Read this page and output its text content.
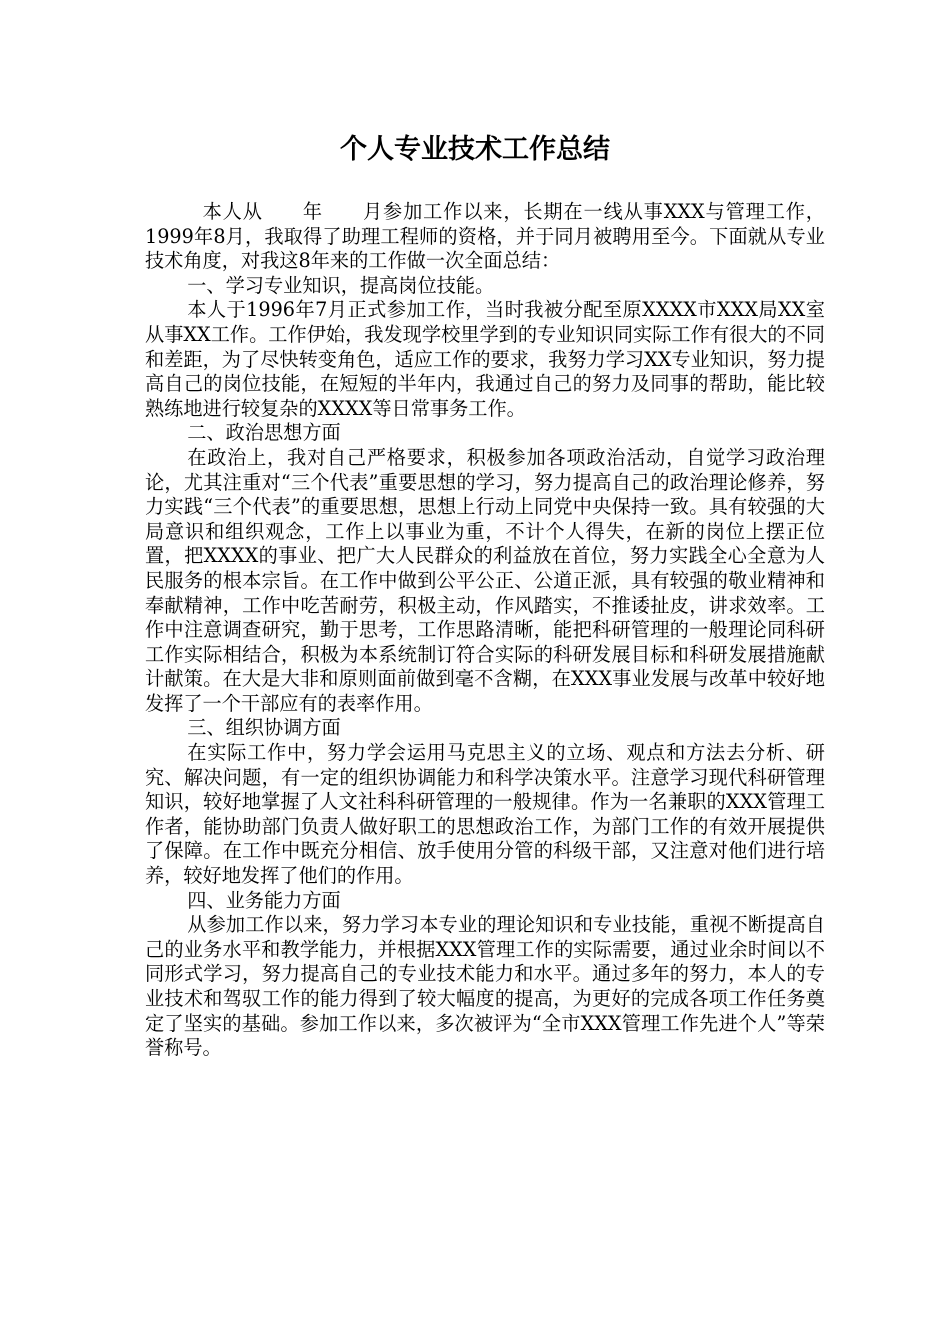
个人专业技术工作总结

本人从　　年　　月参加工作以来，长期在一线从事XXX与管理工作，1999年8月，我取得了助理工程师的资格，并于同月被聘用至今。下面就从专业技术角度，对我这8年来的工作做一次全面总结：

一、学习专业知识，提高岗位技能。

本人于1996年7月正式参加工作，当时我被分配至原XXXX市XXX局XX室从事XX工作。工作伊始，我发现学校里学到的专业知识同实际工作有很大的不同和差距，为了尽快转变角色，适应工作的要求，我努力学习XX专业知识，努力提高自己的岗位技能，在短短的半年内，我通过自己的努力及同事的帮助，能比较熟练地进行较复杂的XXXX等日常事务工作。

二、政治思想方面

在政治上，我对自己严格要求，积极参加各项政治活动，自觉学习政治理论，尤其注重对“三个代表”重要思想的学习，努力提高自己的政治理论修养，努力实践“三个代表”的重要思想，思想上行动上同党中央保持一致。具有较强的大局意识和组织观念，工作上以事业为重，不计个人得失，在新的岗位上摆正位置，把XXXX的事业、把广大人民群众的利益放在首位，努力实践全心全意为人民服务的根本宗旨。在工作中做到公平公正、公道正派，具有较强的敬业精神和奉献精神，工作中吃苦耐劳，积极主动，作风踏实，不推诿扯皮，讲求效率。工作中注意调查研究，勤于思考，工作思路清晰，能把科研管理的一般理论同科研工作实际相结合，积极为本系统制订符合实际的科研发展目标和科研发展措施献计献策。在大是大非和原则面前做到毫不含糊，在XXX事业发展与改革中较好地发挥了一个干部应有的表率作用。

三、组织协调方面

在实际工作中，努力学会运用马克思主义的立场、观点和方法去分析、研究、解决问题，有一定的组织协调能力和科学决策水平。注意学习现代科研管理知识，较好地掌握了人文社科科研管理的一般规律。作为一名兼职的XXX管理工作者，能协助部门负责人做好职工的思想政治工作，为部门工作的有效开展提供了保障。在工作中既充分相信、放手使用分管的科级干部，又注意对他们进行培养，较好地发挥了他们的作用。

四、业务能力方面

从参加工作以来，努力学习本专业的理论知识和专业技能，重视不断提高自己的业务水平和教学能力，并根据XXX管理工作的实际需要，通过业余时间以不同形式学习，努力提高自己的专业技术能力和水平。通过多年的努力，本人的专业技术和驾驭工作的能力得到了较大幅度的提高，为更好的完成各项工作任务奠定了坚实的基础。参加工作以来，多次被评为“全市XXX管理工作先进个人”等荣誉称号。
